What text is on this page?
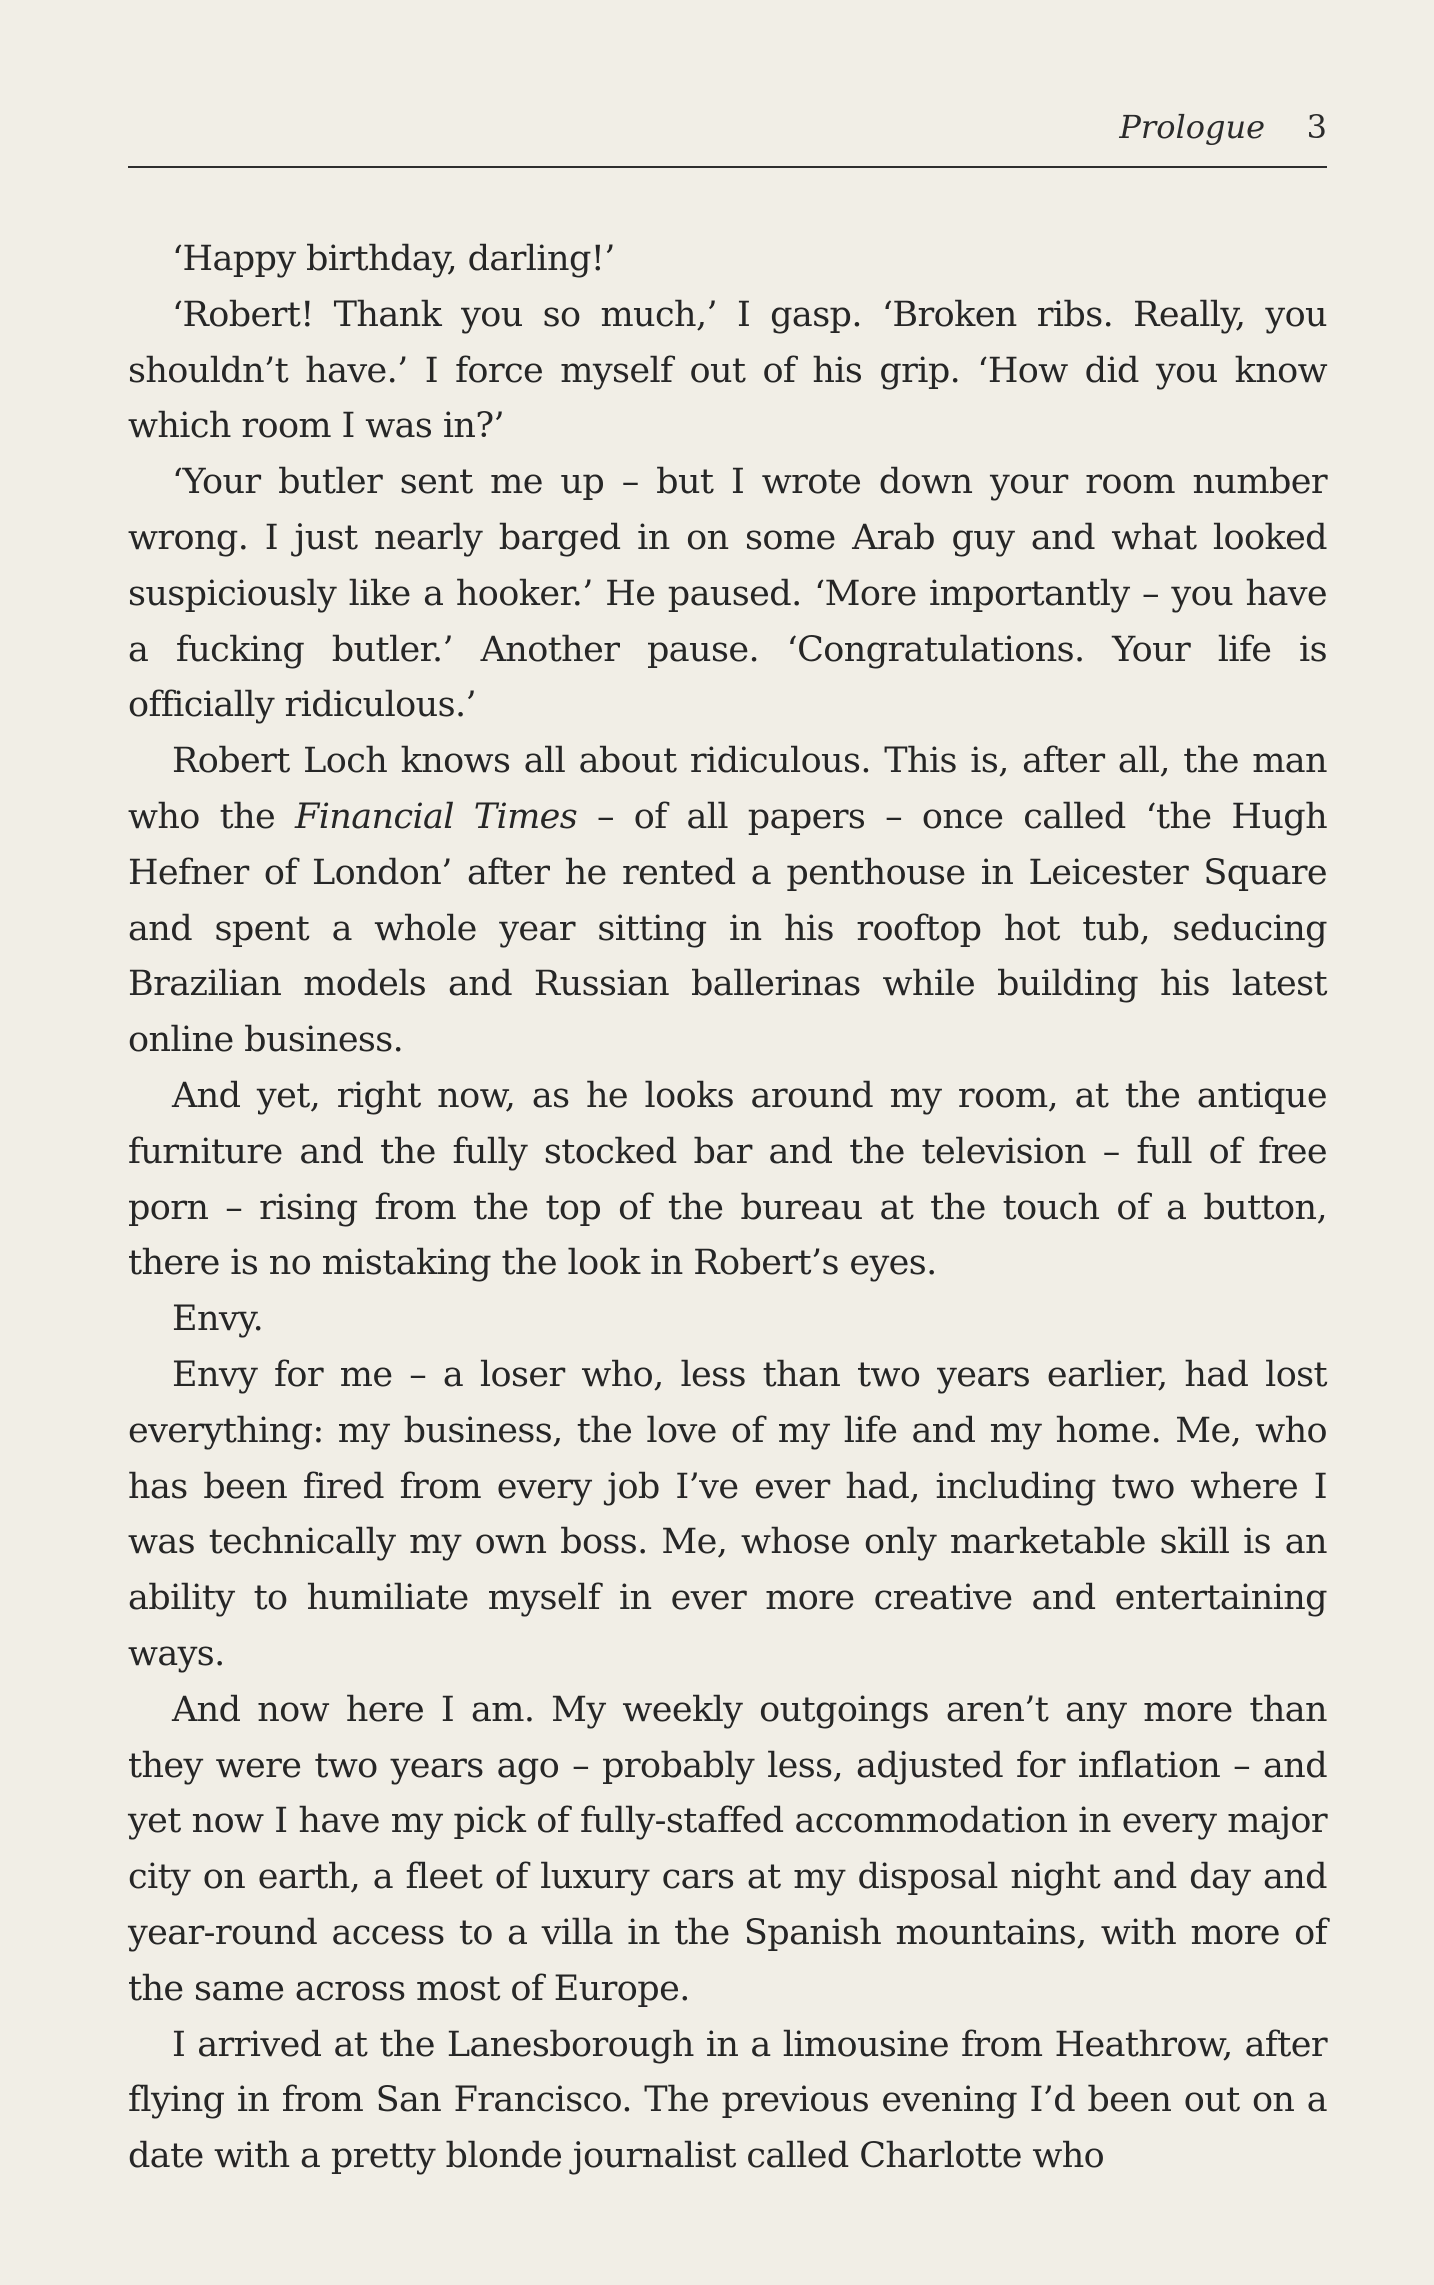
Prologue 3

‘Happy birthday, darling!’

‘Robert! Thank you so much,’ I gasp. ‘Broken ribs. Really, you shouldn’t have.’ I force myself out of his grip. ‘How did you know which room I was in?’

‘Your butler sent me up – but I wrote down your room number wrong. I just nearly barged in on some Arab guy and what looked suspiciously like a hooker.’ He paused. ‘More importantly – you have a fucking butler.’ Another pause. ‘Congratulations. Your life is officially ridiculous.’

Robert Loch knows all about ridiculous. This is, after all, the man who the Financial Times – of all papers – once called ‘the Hugh Hefner of London’ after he rented a penthouse in Leicester Square and spent a whole year sitting in his rooftop hot tub, seducing Brazilian models and Russian ballerinas while building his latest online business.

And yet, right now, as he looks around my room, at the antique furniture and the fully stocked bar and the television – full of free porn – rising from the top of the bureau at the touch of a button, there is no mistaking the look in Robert’s eyes.

Envy.

Envy for me – a loser who, less than two years earlier, had lost everything: my business, the love of my life and my home. Me, who has been fired from every job I’ve ever had, including two where I was technically my own boss. Me, whose only marketable skill is an ability to humiliate myself in ever more creative and entertaining ways.

And now here I am. My weekly outgoings aren’t any more than they were two years ago – probably less, adjusted for inflation – and yet now I have my pick of fully-staffed accommodation in every major city on earth, a fleet of luxury cars at my disposal night and day and year-round access to a villa in the Spanish mountains, with more of the same across most of Europe.

I arrived at the Lanesborough in a limousine from Heathrow, after flying in from San Francisco. The previous evening I’d been out on a date with a pretty blonde journalist called Charlotte who
